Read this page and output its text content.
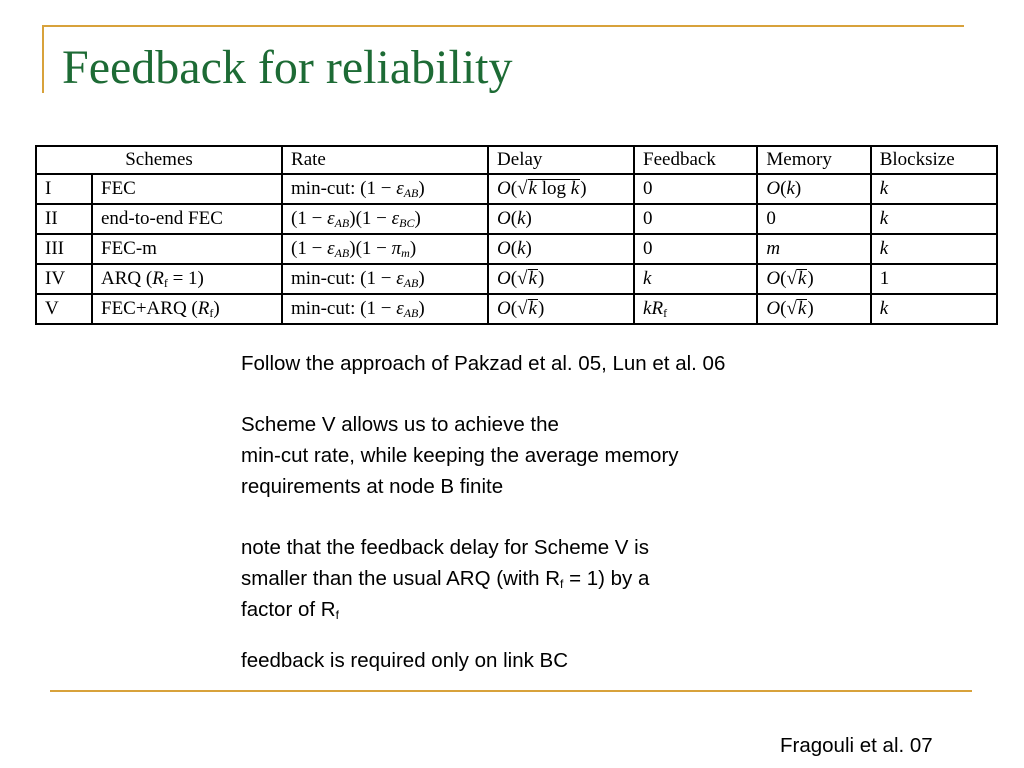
Feedback for reliability
Schemes		Rate	Delay	Feedback	Memory	Blocksize
I	FEC	min-cut: $(1 - \varepsilon_{AB})$	O(√k log k)	0	O(k)	k
II	end-to-end FEC	$(1 - \varepsilon_{AB})(1 - \varepsilon_{BC})$	O(k)	0	0	k
III	FEC-m	$(1 - \varepsilon_{AB})(1 - \pi_m)$	O(k)	0	m	k
IV	ARQ $(R_f = 1)$	min-cut: $(1 - \varepsilon_{AB})$	O(√k)	k	O(√k)	1
V	FEC+ARQ $(R_f)$	min-cut: $(1 - \varepsilon_{AB})$	O(√k)	$kR_f$	O(√k)	k
Follow the approach of Pakzad et al. 05, Lun et al. 06
Scheme V allows us to achieve the
min-cut rate, while keeping the average memory
requirements at node B finite
note that the feedback delay for Scheme V is
smaller than the usual ARQ (with $R_f = 1$) by a
factor of $R_f$
feedback is required only on link BC
Fragouli et al. 07
